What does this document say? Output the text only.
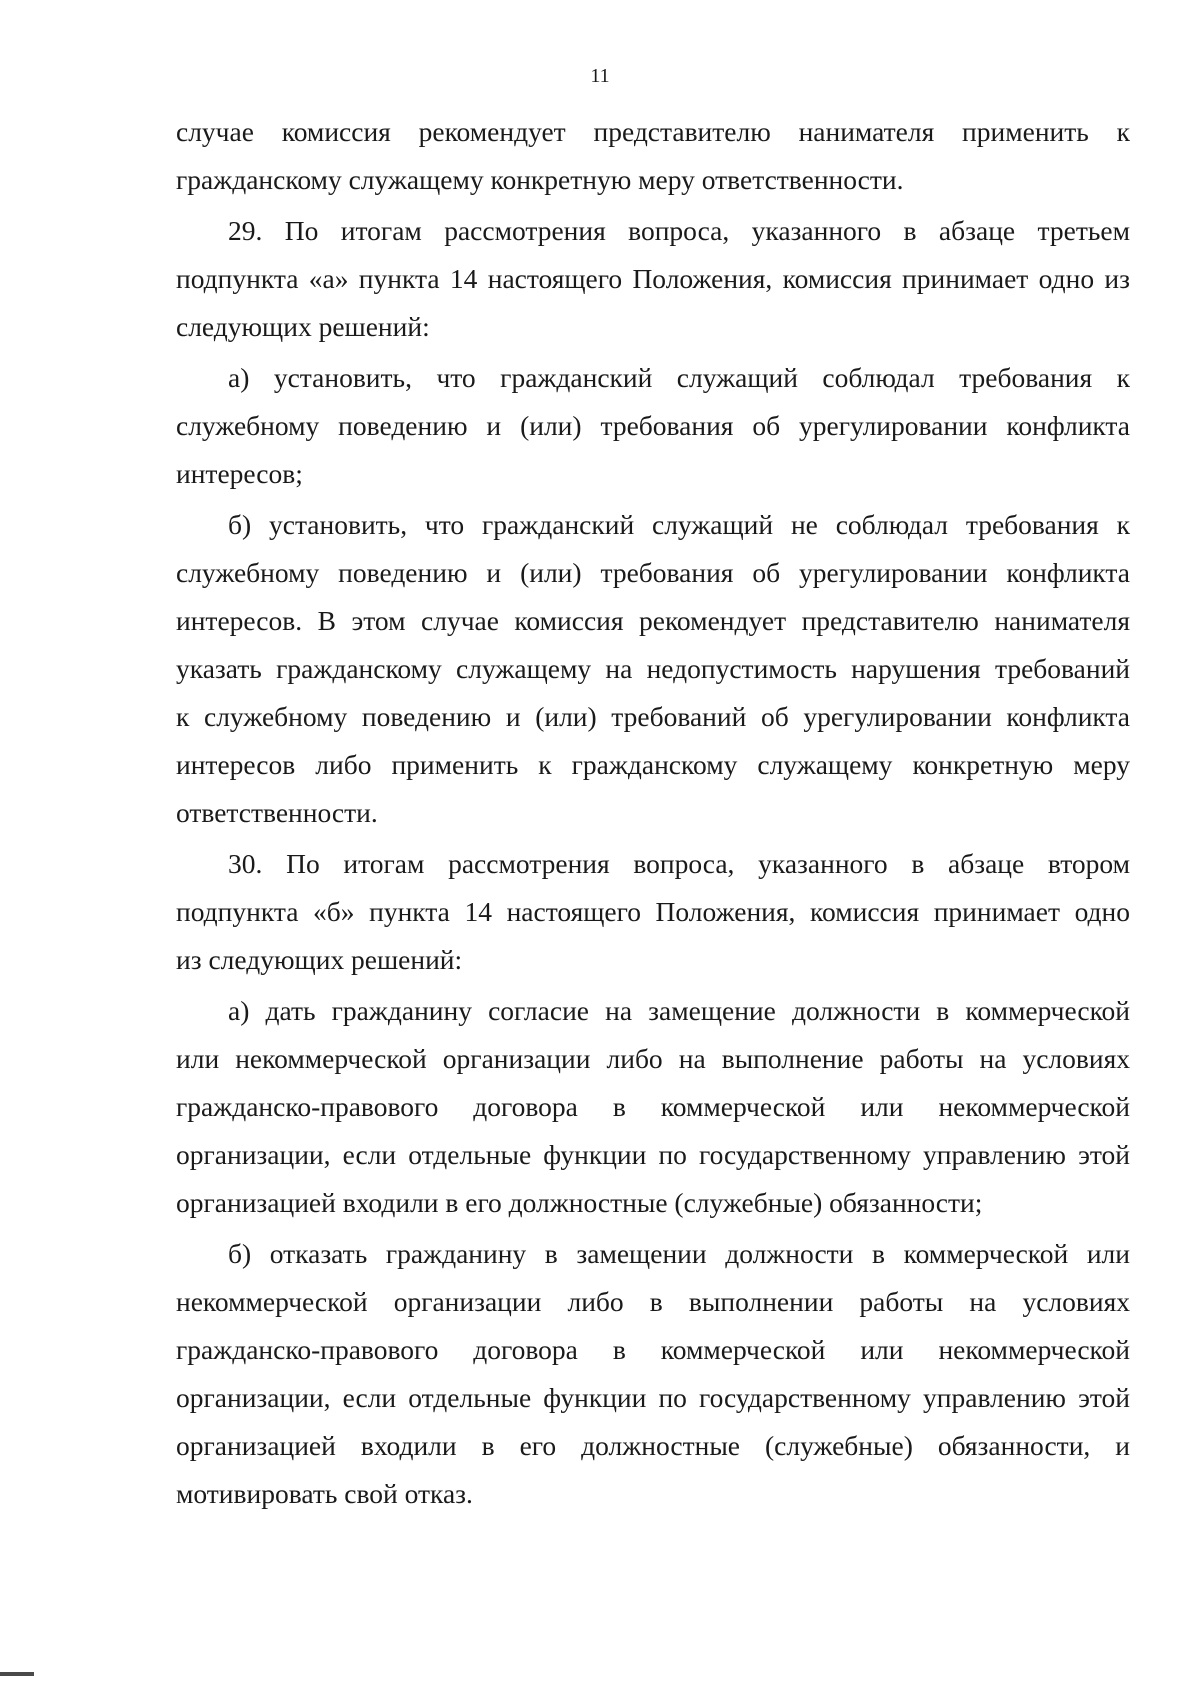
11

случае комиссия рекомендует представителю нанимателя применить к
гражданскому служащему конкретную меру ответственности.

29. По итогам рассмотрения вопроса, указанного в абзаце третьем
подпункта «а» пункта 14 настоящего Положения, комиссия принимает одно из
следующих решений:

а) установить, что гражданский служащий соблюдал требования к
служебному поведению и (или) требования об урегулировании конфликта
интересов;

б) установить, что гражданский служащий не соблюдал требования к
служебному поведению и (или) требования об урегулировании конфликта
интересов. В этом случае комиссия рекомендует представителю нанимателя
указать гражданскому служащему на недопустимость нарушения требований
к служебному поведению и (или) требований об урегулировании конфликта
интересов либо применить к гражданскому служащему конкретную меру
ответственности.

30. По итогам рассмотрения вопроса, указанного в абзаце втором
подпункта «б» пункта 14 настоящего Положения, комиссия принимает одно
из следующих решений:

а) дать гражданину согласие на замещение должности в коммерческой
или некоммерческой организации либо на выполнение работы на условиях
гражданско-правового договора в коммерческой или некоммерческой
организации, если отдельные функции по государственному управлению этой
организацией входили в его должностные (служебные) обязанности;

б) отказать гражданину в замещении должности в коммерческой или
некоммерческой организации либо в выполнении работы на условиях
гражданско-правового договора в коммерческой или некоммерческой
организации, если отдельные функции по государственному управлению этой
организацией входили в его должностные (служебные) обязанности, и
мотивировать свой отказ.
